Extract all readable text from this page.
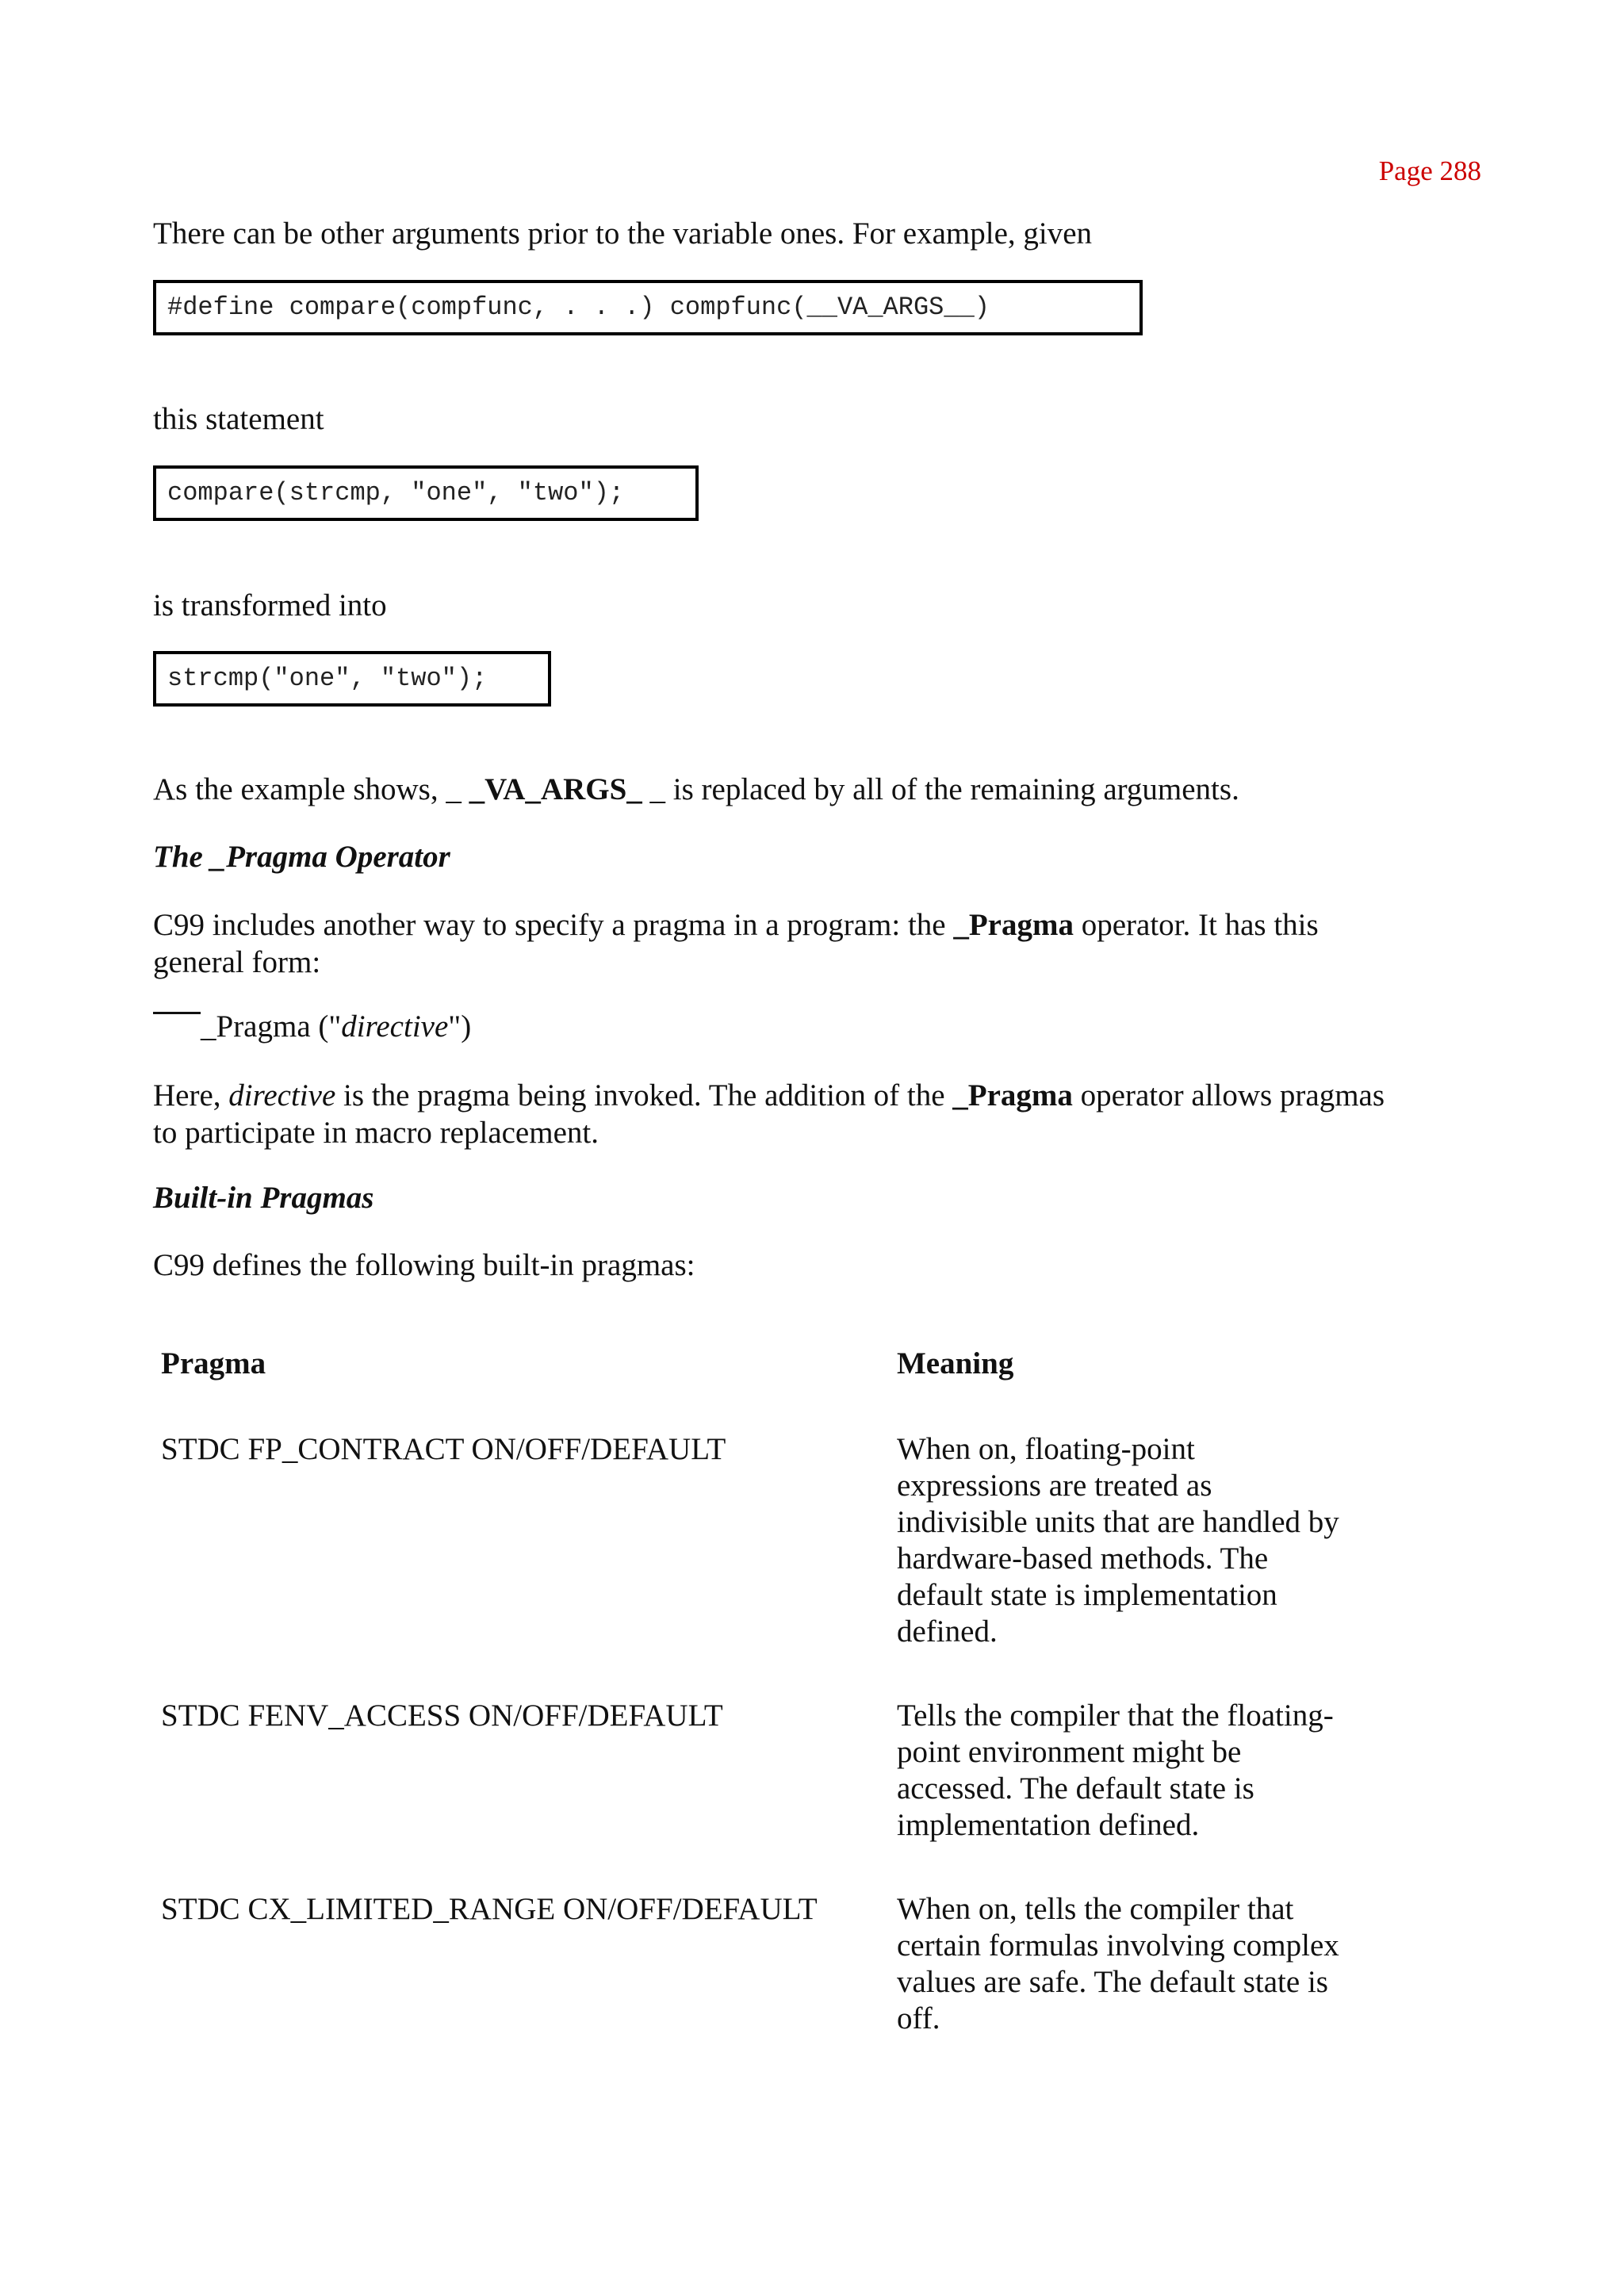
Page 288
There can be other arguments prior to the variable ones. For example, given
#define compare(compfunc, . . .) compfunc(__VA_ARGS__)
this statement
compare(strcmp, "one", "two");
is transformed into
strcmp("one", "two");
As the example shows, _ _VA_ARGS_ _ is replaced by all of the remaining arguments.
The _Pragma Operator
C99 includes another way to specify a pragma in a program: the _Pragma operator. It has this
general form:
_Pragma ("directive")
Here, directive is the pragma being invoked. The addition of the _Pragma operator allows pragmas
to participate in macro replacement.
Built-in Pragmas
C99 defines the following built-in pragmas:
Pragma	Meaning
STDC FP_CONTRACT ON/OFF/DEFAULT	When on, floating-point expressions are treated as indivisible units that are handled by hardware-based methods. The default state is implementation defined.
STDC FENV_ACCESS ON/OFF/DEFAULT	Tells the compiler that the floating-point environment might be accessed. The default state is implementation defined.
STDC CX_LIMITED_RANGE ON/OFF/DEFAULT	When on, tells the compiler that certain formulas involving complex values are safe. The default state is off.
